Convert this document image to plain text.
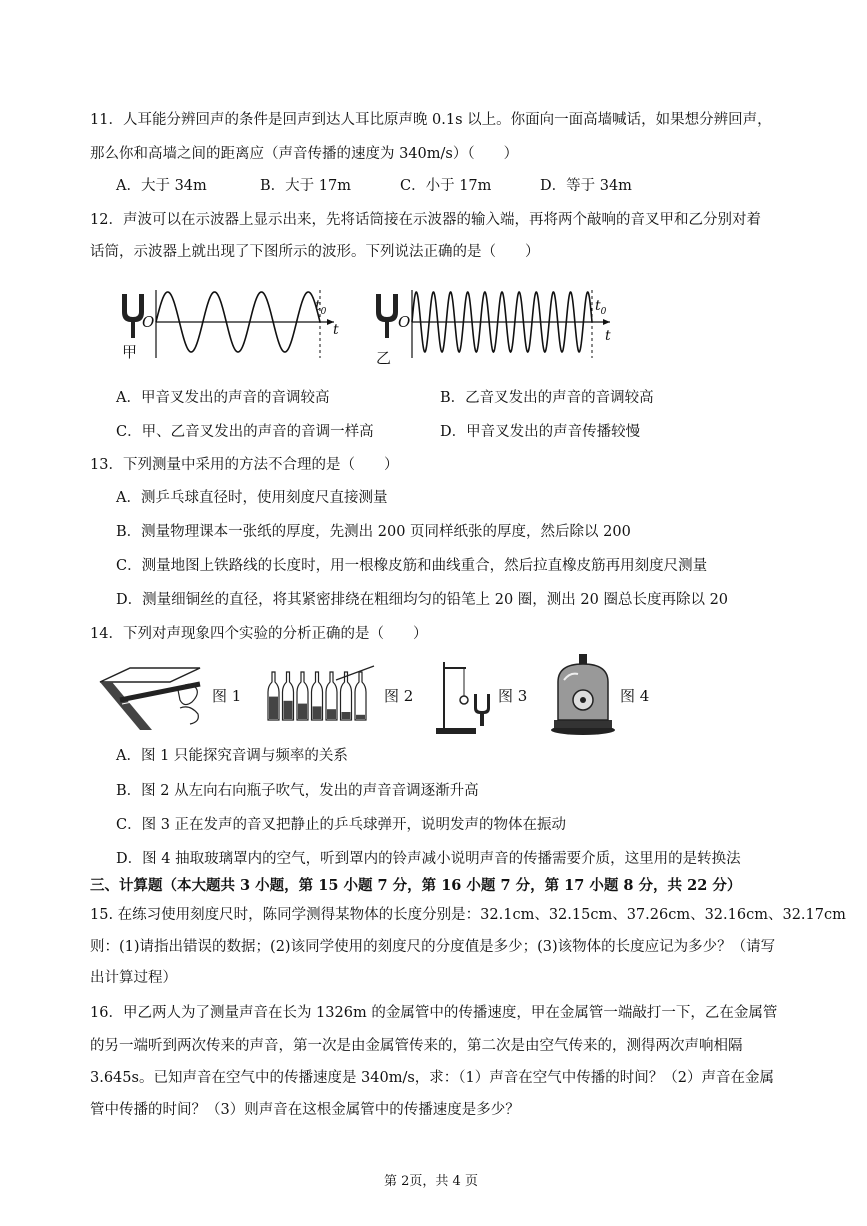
11．人耳能分辨回声的条件是回声到达人耳比原声晚 0.1s 以上。你面向一面高墙喊话，如果想分辨回声，
那么你和高墙之间的距离应（声音传播的速度为 340m/s）（　　）
A．大于 34m	B．大于 17m	C．小于 17m	D．等于 34m
12．声波可以在示波器上显示出来，先将话筒接在示波器的输入端，再将两个敲响的音叉甲和乙分别对着
话筒，示波器上就出现了下图所示的波形。下列说法正确的是（　　）
甲
O
$t_0$
t
乙
O
$t_0$
t
A．甲音叉发出的声音的音调较高	B．乙音叉发出的声音的音调较高
C．甲、乙音叉发出的声音的音调一样高	D．甲音叉发出的声音传播较慢
13．下列测量中采用的方法不合理的是（　　）
A．测乒乓球直径时，使用刻度尺直接测量
B．测量物理课本一张纸的厚度，先测出 200 页同样纸张的厚度，然后除以 200
C．测量地图上铁路线的长度时，用一根橡皮筋和曲线重合，然后拉直橡皮筋再用刻度尺测量
D．测量细铜丝的直径，将其紧密排绕在粗细均匀的铅笔上 20 圈，测出 20 圈总长度再除以 20
14．下列对声现象四个实验的分析正确的是（　　）
图 1	图 2	图 3	图 4
A．图 1 只能探究音调与频率的关系
B．图 2 从左向右向瓶子吹气，发出的声音音调逐渐升高
C．图 3 正在发声的音叉把静止的乒乓球弹开，说明发声的物体在振动
D．图 4 抽取玻璃罩内的空气，听到罩内的铃声减小说明声音的传播需要介质，这里用的是转换法
三、计算题（本大题共 3 小题，第 15 小题 7 分，第 16 小题 7 分，第 17 小题 8 分，共 22 分）
15. 在练习使用刻度尺时，陈同学测得某物体的长度分别是：32.1cm、32.15cm、37.26cm、32.16cm、32.17cm
则：(1)请指出错误的数据；(2)该同学使用的刻度尺的分度值是多少；(3)该物体的长度应记为多少？（请写
出计算过程）
16．甲乙两人为了测量声音在长为 1326m 的金属管中的传播速度，甲在金属管一端敲打一下，乙在金属管
的另一端听到两次传来的声音，第一次是由金属管传来的，第二次是由空气传来的，测得两次声响相隔
3.645s。已知声音在空气中的传播速度是 340m/s，求：（1）声音在空气中传播的时间？（2）声音在金属
管中传播的时间？（3）则声音在这根金属管中的传播速度是多少？
第 2页，共 4 页
